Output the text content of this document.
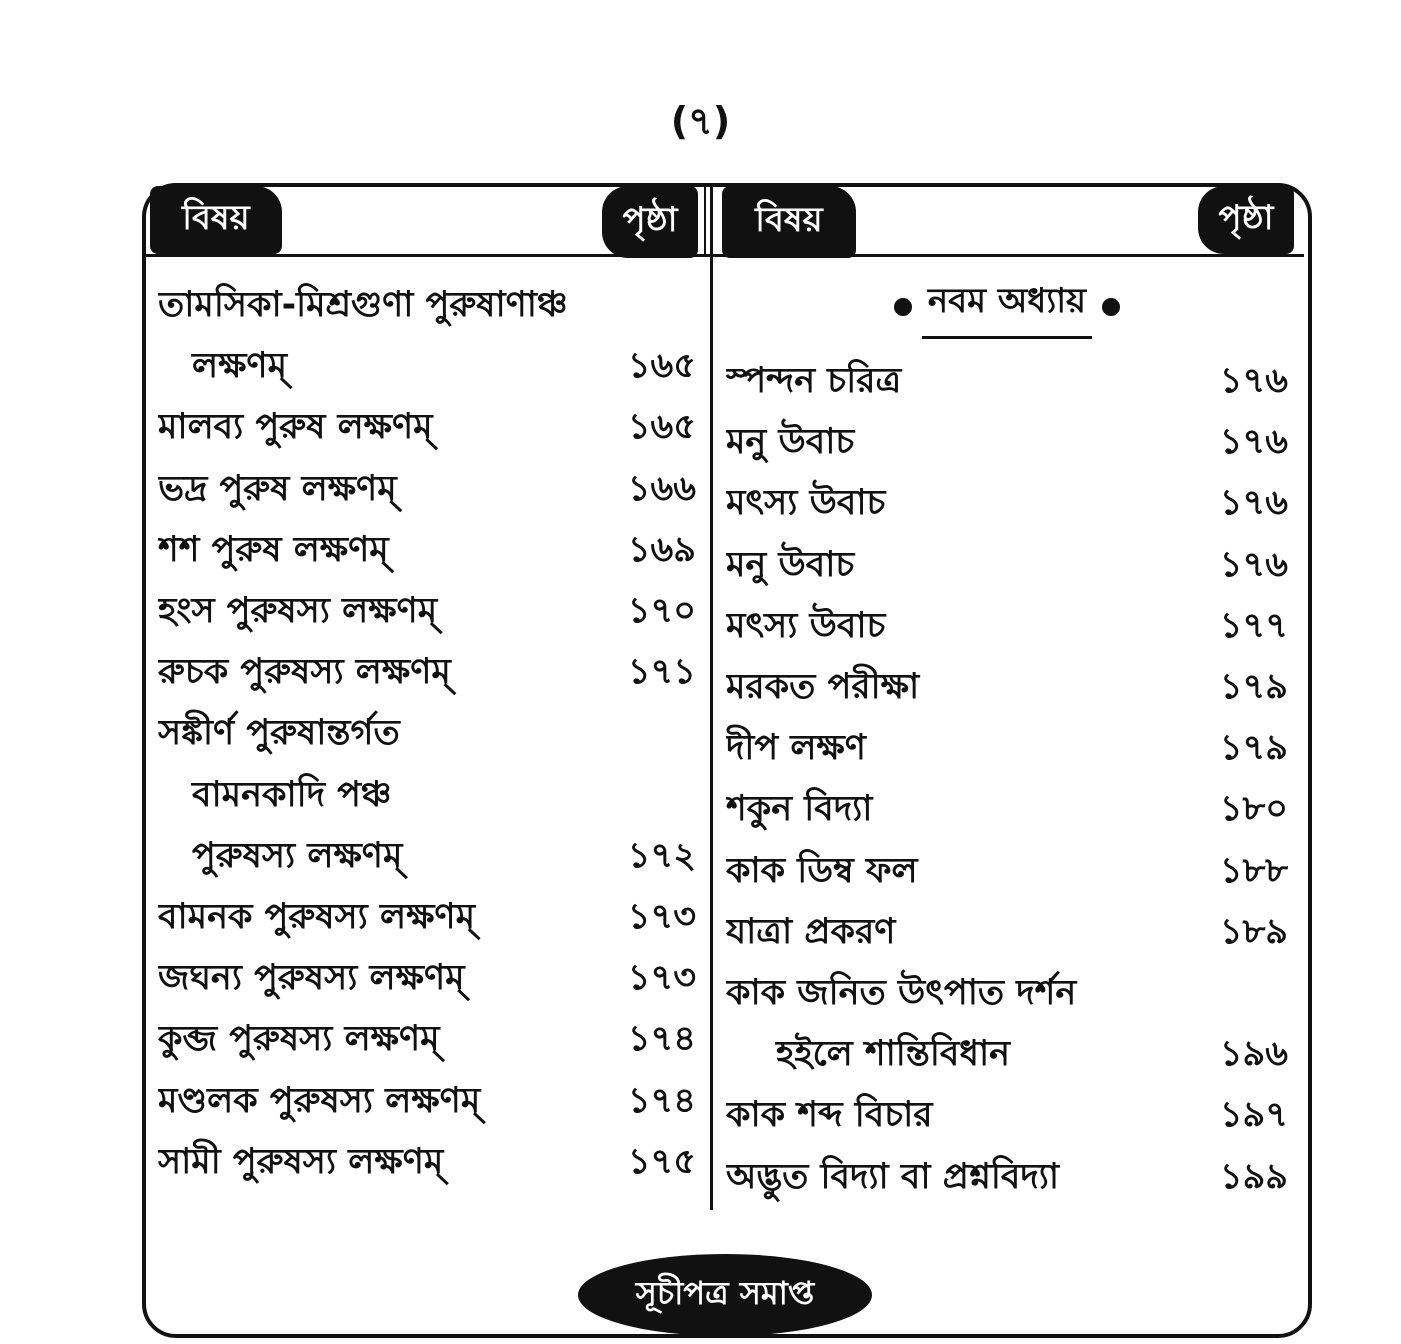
(৭)
বিষয়	পৃষ্ঠা	বিষয়	পৃষ্ঠা
তামসিকা-মিশ্রগুণা পুরুষাণাঞ্চ
লক্ষণম্	১৬৫
মালব্য পুরুষ লক্ষণম্	১৬৫
ভদ্র পুরুষ লক্ষণম্	১৬৬
শশ পুরুষ লক্ষণম্	১৬৯
হংস পুরুষস্য লক্ষণম্	১৭০
রুচক পুরুষস্য লক্ষণম্	১৭১
সঙ্কীর্ণ পুরুষান্তর্গত
বামনকাদি পঞ্চ
পুরুষস্য লক্ষণম্	১৭২
বামনক পুরুষস্য লক্ষণম্	১৭৩
জঘন্য পুরুষস্য লক্ষণম্	১৭৩
কুব্জ পুরুষস্য লক্ষণম্	১৭৪
মণ্ডলক পুরুষস্য লক্ষণম্	১৭৪
সামী পুরুষস্য লক্ষণম্	১৭৫
নবম অধ্যায়
স্পন্দন চরিত্র	১৭৬
মনু উবাচ	১৭৬
মৎস্য উবাচ	১৭৬
মনু উবাচ	১৭৬
মৎস্য উবাচ	১৭৭
মরকত পরীক্ষা	১৭৯
দীপ লক্ষণ	১৭৯
শকুন বিদ্যা	১৮০
কাক ডিম্ব ফল	১৮৮
যাত্রা প্রকরণ	১৮৯
কাক জনিত উৎপাত দর্শন
হইলে শান্তিবিধান	১৯৬
কাক শব্দ বিচার	১৯৭
অদ্ভুত বিদ্যা বা প্রশ্নবিদ্যা	১৯৯
সূচীপত্র সমাপ্ত
